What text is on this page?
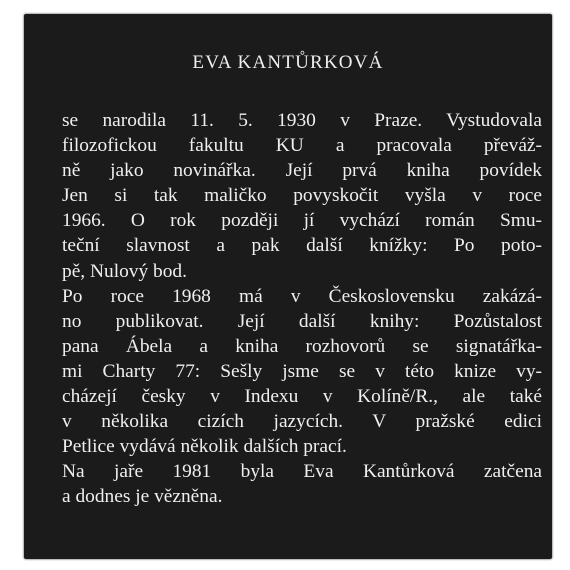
EVA KANTŮRKOVÁ
se narodila 11. 5. 1930 v Praze. Vystudovala
filozofickou fakultu KU a pracovala převáž-
ně jako novinářka. Její prvá kniha povídek
Jen si tak maličko povyskočit vyšla v roce
1966. O rok později jí vychází román Smu-
teční slavnost a pak další knížky: Po poto-
pě, Nulový bod.
Po roce 1968 má v Československu zakázá-
no publikovat. Její další knihy: Pozůstalost
pana Ábela a kniha rozhovorů se signatářka-
mi Charty 77: Sešly jsme se v této knize vy-
cházejí česky v Indexu v Kolíně/R., ale také
v několika cizích jazycích. V pražské edici
Petlice vydává několik dalších prací.
Na jaře 1981 byla Eva Kantůrková zatčena
a dodnes je vězněna.
